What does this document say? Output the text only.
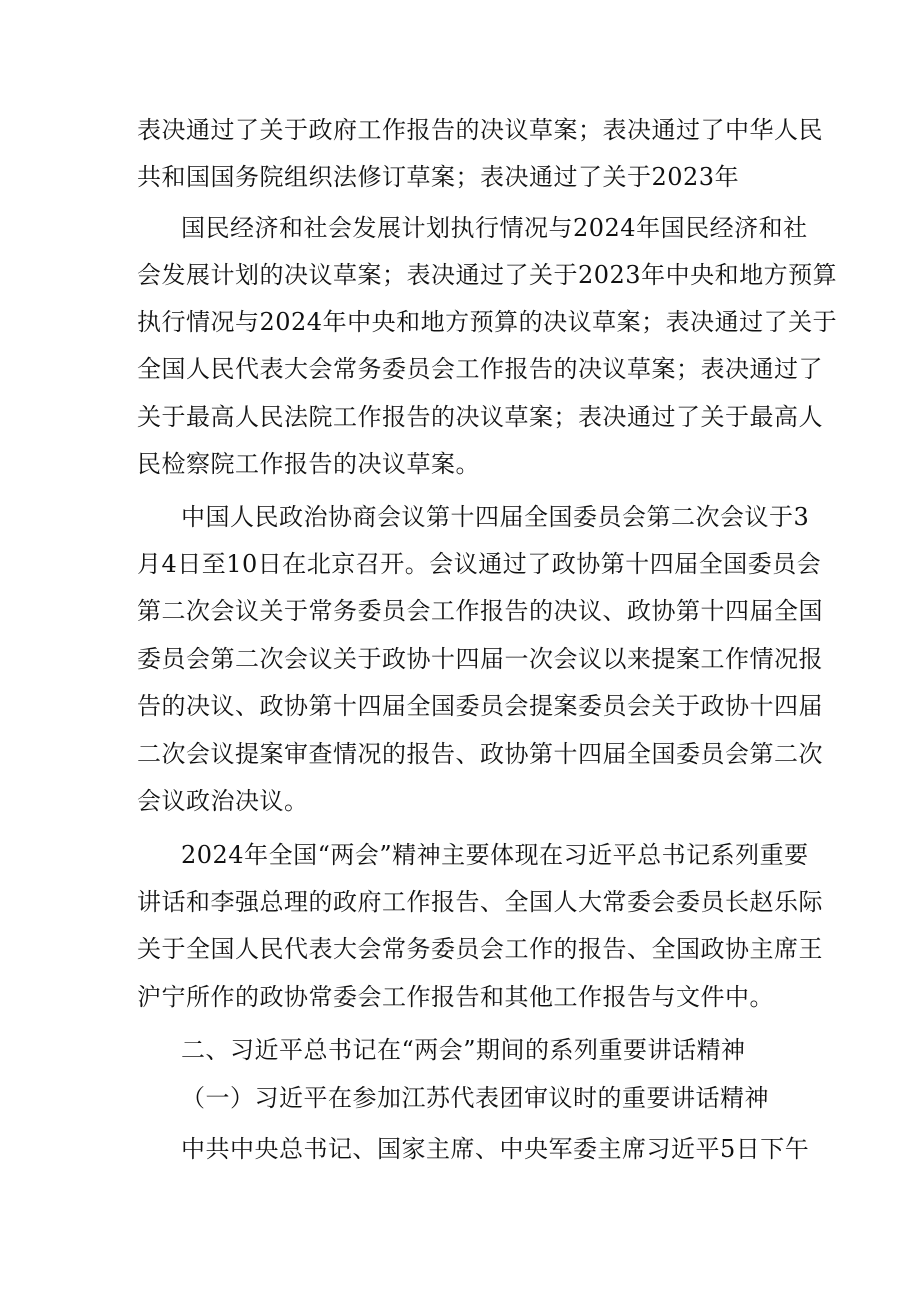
表决通过了关于政府工作报告的决议草案；表决通过了中华人民
共和国国务院组织法修订草案；表决通过了关于2023年
国民经济和社会发展计划执行情况与2024年国民经济和社
会发展计划的决议草案；表决通过了关于2023年中央和地方预算
执行情况与2024年中央和地方预算的决议草案；表决通过了关于
全国人民代表大会常务委员会工作报告的决议草案；表决通过了
关于最高人民法院工作报告的决议草案；表决通过了关于最高人
民检察院工作报告的决议草案。
中国人民政治协商会议第十四届全国委员会第二次会议于3
月4日至10日在北京召开。会议通过了政协第十四届全国委员会
第二次会议关于常务委员会工作报告的决议、政协第十四届全国
委员会第二次会议关于政协十四届一次会议以来提案工作情况报
告的决议、政协第十四届全国委员会提案委员会关于政协十四届
二次会议提案审查情况的报告、政协第十四届全国委员会第二次
会议政治决议。
2024年全国“两会”精神主要体现在习近平总书记系列重要
讲话和李强总理的政府工作报告、全国人大常委会委员长赵乐际
关于全国人民代表大会常务委员会工作的报告、全国政协主席王
沪宁所作的政协常委会工作报告和其他工作报告与文件中。
二、习近平总书记在“两会”期间的系列重要讲话精神
（一）习近平在参加江苏代表团审议时的重要讲话精神
中共中央总书记、国家主席、中央军委主席习近平5日下午
